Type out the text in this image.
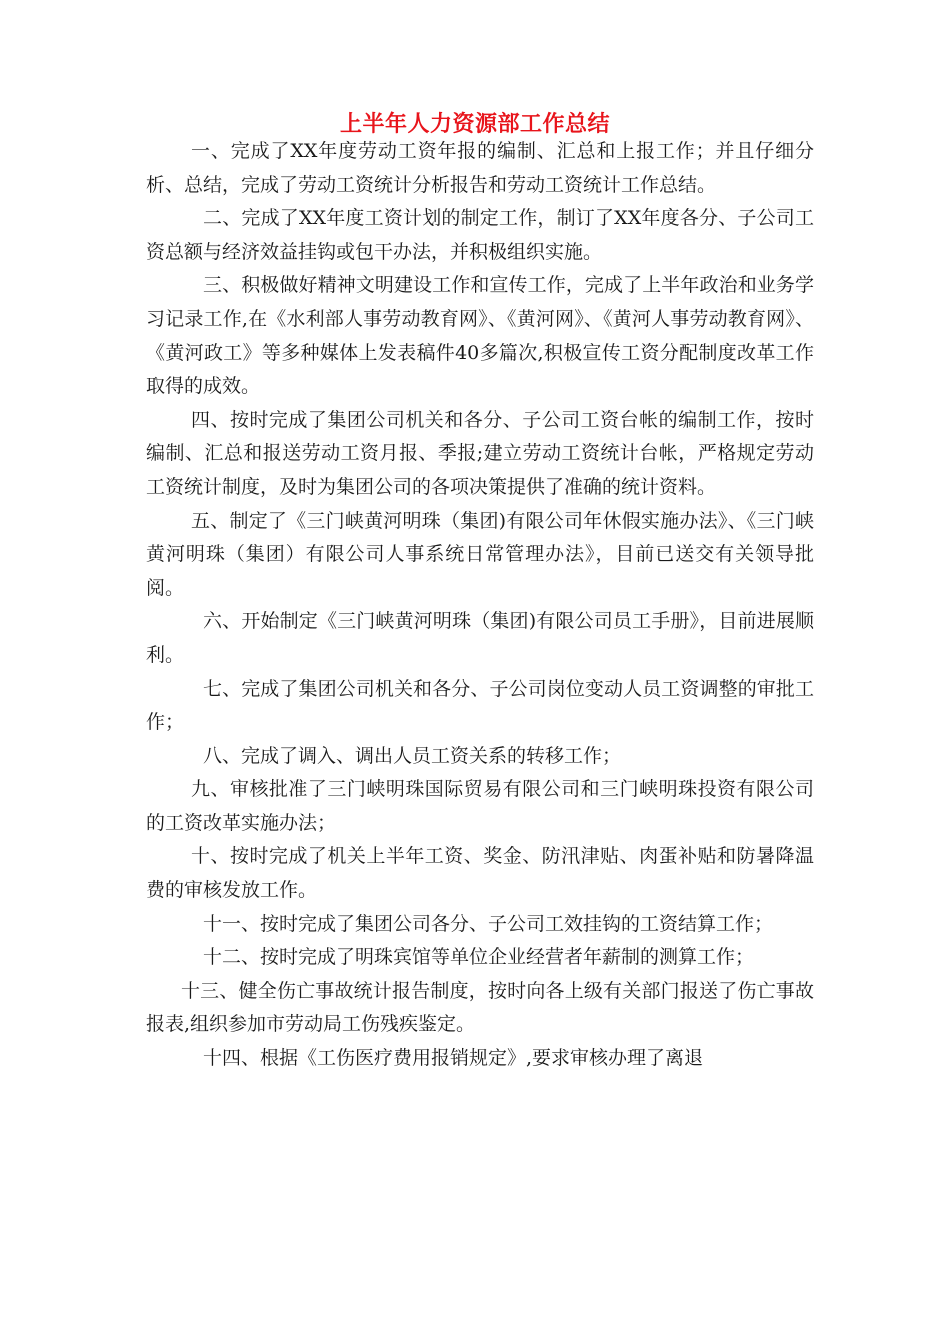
上半年人力资源部工作总结

一、完成了XX年度劳动工资年报的编制、汇总和上报工作；并且仔细分析、总结，完成了劳动工资统计分析报告和劳动工资统计工作总结。

二、完成了XX年度工资计划的制定工作，制订了XX年度各分、子公司工资总额与经济效益挂钩或包干办法，并积极组织实施。

三、积极做好精神文明建设工作和宣传工作，完成了上半年政治和业务学习记录工作,在《水利部人事劳动教育网》、《黄河网》、《黄河人事劳动教育网》、《黄河政工》等多种媒体上发表稿件40多篇次,积极宣传工资分配制度改革工作取得的成效。

四、按时完成了集团公司机关和各分、子公司工资台帐的编制工作，按时编制、汇总和报送劳动工资月报、季报;建立劳动工资统计台帐，严格规定劳动工资统计制度，及时为集团公司的各项决策提供了准确的统计资料。

五、制定了《三门峡黄河明珠（集团)有限公司年休假实施办法》、《三门峡黄河明珠（集团）有限公司人事系统日常管理办法》，目前已送交有关领导批阅。

六、开始制定《三门峡黄河明珠（集团)有限公司员工手册》，目前进展顺利。

七、完成了集团公司机关和各分、子公司岗位变动人员工资调整的审批工作；

八、完成了调入、调出人员工资关系的转移工作；

九、审核批准了三门峡明珠国际贸易有限公司和三门峡明珠投资有限公司的工资改革实施办法；

十、按时完成了机关上半年工资、奖金、防汛津贴、肉蛋补贴和防暑降温费的审核发放工作。

十一、按时完成了集团公司各分、子公司工效挂钩的工资结算工作；

十二、按时完成了明珠宾馆等单位企业经营者年薪制的测算工作；

十三、健全伤亡事故统计报告制度，按时向各上级有关部门报送了伤亡事故报表,组织参加市劳动局工伤残疾鉴定。

十四、根据《工伤医疗费用报销规定》,要求审核办理了离退
